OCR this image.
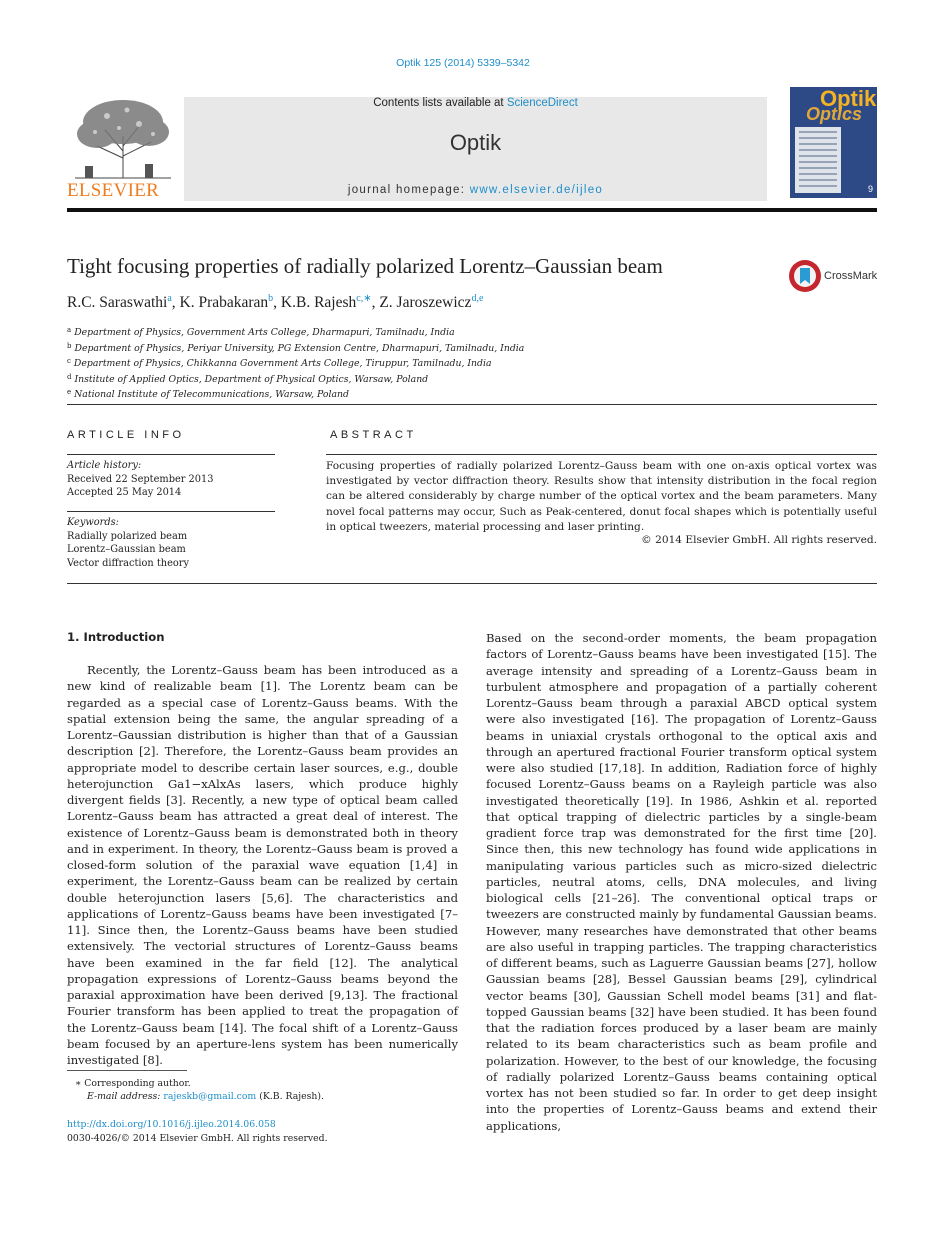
Optik 125 (2014) 5339–5342
ELSEVIER
Contents lists available at ScienceDirect
Optik
journal homepage: www.elsevier.de/ijleo
Optics
Optik
9
Tight focusing properties of radially polarized Lorentz–Gaussian beam	CrossMark
R.C. Saraswathi$^a$, K. Prabakaran$^b$, K.B. Rajesh$^{c,∗}$, Z. Jaroszewicz$^{d,e}$
$^a$ Department of Physics, Government Arts College, Dharmapuri, Tamilnadu, India
$^b$ Department of Physics, Periyar University, PG Extension Centre, Dharmapuri, Tamilnadu, India
$^c$ Department of Physics, Chikkanna Government Arts College, Tiruppur, Tamilnadu, India
$^d$ Institute of Applied Optics, Department of Physical Optics, Warsaw, Poland
$^e$ National Institute of Telecommunications, Warsaw, Poland
ARTICLE INFO
Article history:
Received 22 September 2013
Accepted 25 May 2014
Keywords:
Radially polarized beam
Lorentz–Gaussian beam
Vector diffraction theory
ABSTRACT
Focusing properties of radially polarized Lorentz–Gauss beam with one on-axis optical vortex was investigated by vector diffraction theory. Results show that intensity distribution in the focal region can be altered considerably by charge number of the optical vortex and the beam parameters. Many novel focal patterns may occur, Such as Peak-centered, donut focal shapes which is potentially useful in optical tweezers, material processing and laser printing.
© 2014 Elsevier GmbH. All rights reserved.
1. Introduction

Recently, the Lorentz–Gauss beam has been introduced as a new kind of realizable beam [1]. The Lorentz beam can be regarded as a special case of Lorentz–Gauss beams. With the spatial extension being the same, the angular spreading of a Lorentz–Gaussian distribution is higher than that of a Gaussian description [2]. Therefore, the Lorentz–Gauss beam provides an appropriate model to describe certain laser sources, e.g., double heterojunction Ga1−xAlxAs lasers, which produce highly divergent fields [3]. Recently, a new type of optical beam called Lorentz–Gauss beam has attracted a great deal of interest. The existence of Lorentz–Gauss beam is demonstrated both in theory and in experiment. In theory, the Lorentz–Gauss beam is proved a closed-form solution of the paraxial wave equation [1,4] in experiment, the Lorentz–Gauss beam can be realized by certain double heterojunction lasers [5,6]. The characteristics and applications of Lorentz–Gauss beams have been investigated [7–11]. Since then, the Lorentz–Gauss beams have been studied extensively. The vectorial structures of Lorentz–Gauss beams have been examined in the far field [12]. The analytical propagation expressions of Lorentz–Gauss beams beyond the paraxial approximation have been derived [9,13]. The fractional Fourier transform has been applied to treat the propagation of the Lorentz–Gauss beam [14]. The focal shift of a Lorentz–Gauss beam focused by an aperture-lens system has been numerically investigated [8].

Based on the second-order moments, the beam propagation factors of Lorentz–Gauss beams have been investigated [15]. The average intensity and spreading of a Lorentz–Gauss beam in turbulent atmosphere and propagation of a partially coherent Lorentz–Gauss beam through a paraxial ABCD optical system were also investigated [16]. The propagation of Lorentz–Gauss beams in uniaxial crystals orthogonal to the optical axis and through an apertured fractional Fourier transform optical system were also studied [17,18]. In addition, Radiation force of highly focused Lorentz–Gauss beams on a Rayleigh particle was also investigated theoretically [19]. In 1986, Ashkin et al. reported that optical trapping of dielectric particles by a single-beam gradient force trap was demonstrated for the first time [20]. Since then, this new technology has found wide applications in manipulating various particles such as micro-sized dielectric particles, neutral atoms, cells, DNA molecules, and living biological cells [21–26]. The conventional optical traps or tweezers are constructed mainly by fundamental Gaussian beams. However, many researches have demonstrated that other beams are also useful in trapping particles. The trapping characteristics of different beams, such as Laguerre Gaussian beams [27], hollow Gaussian beams [28], Bessel Gaussian beams [29], cylindrical vector beams [30], Gaussian Schell model beams [31] and flat-topped Gaussian beams [32] have been studied. It has been found that the radiation forces produced by a laser beam are mainly related to its beam characteristics such as beam profile and polarization. However, to the best of our knowledge, the focusing of radially polarized Lorentz–Gauss beams containing optical vortex has not been studied so far. In order to get deep insight into the properties of Lorentz–Gauss beams and extend their applications,

∗ Corresponding author.
E-mail address: rajeskb@gmail.com (K.B. Rajesh).
http://dx.doi.org/10.1016/j.ijleo.2014.06.058
0030-4026/© 2014 Elsevier GmbH. All rights reserved.
